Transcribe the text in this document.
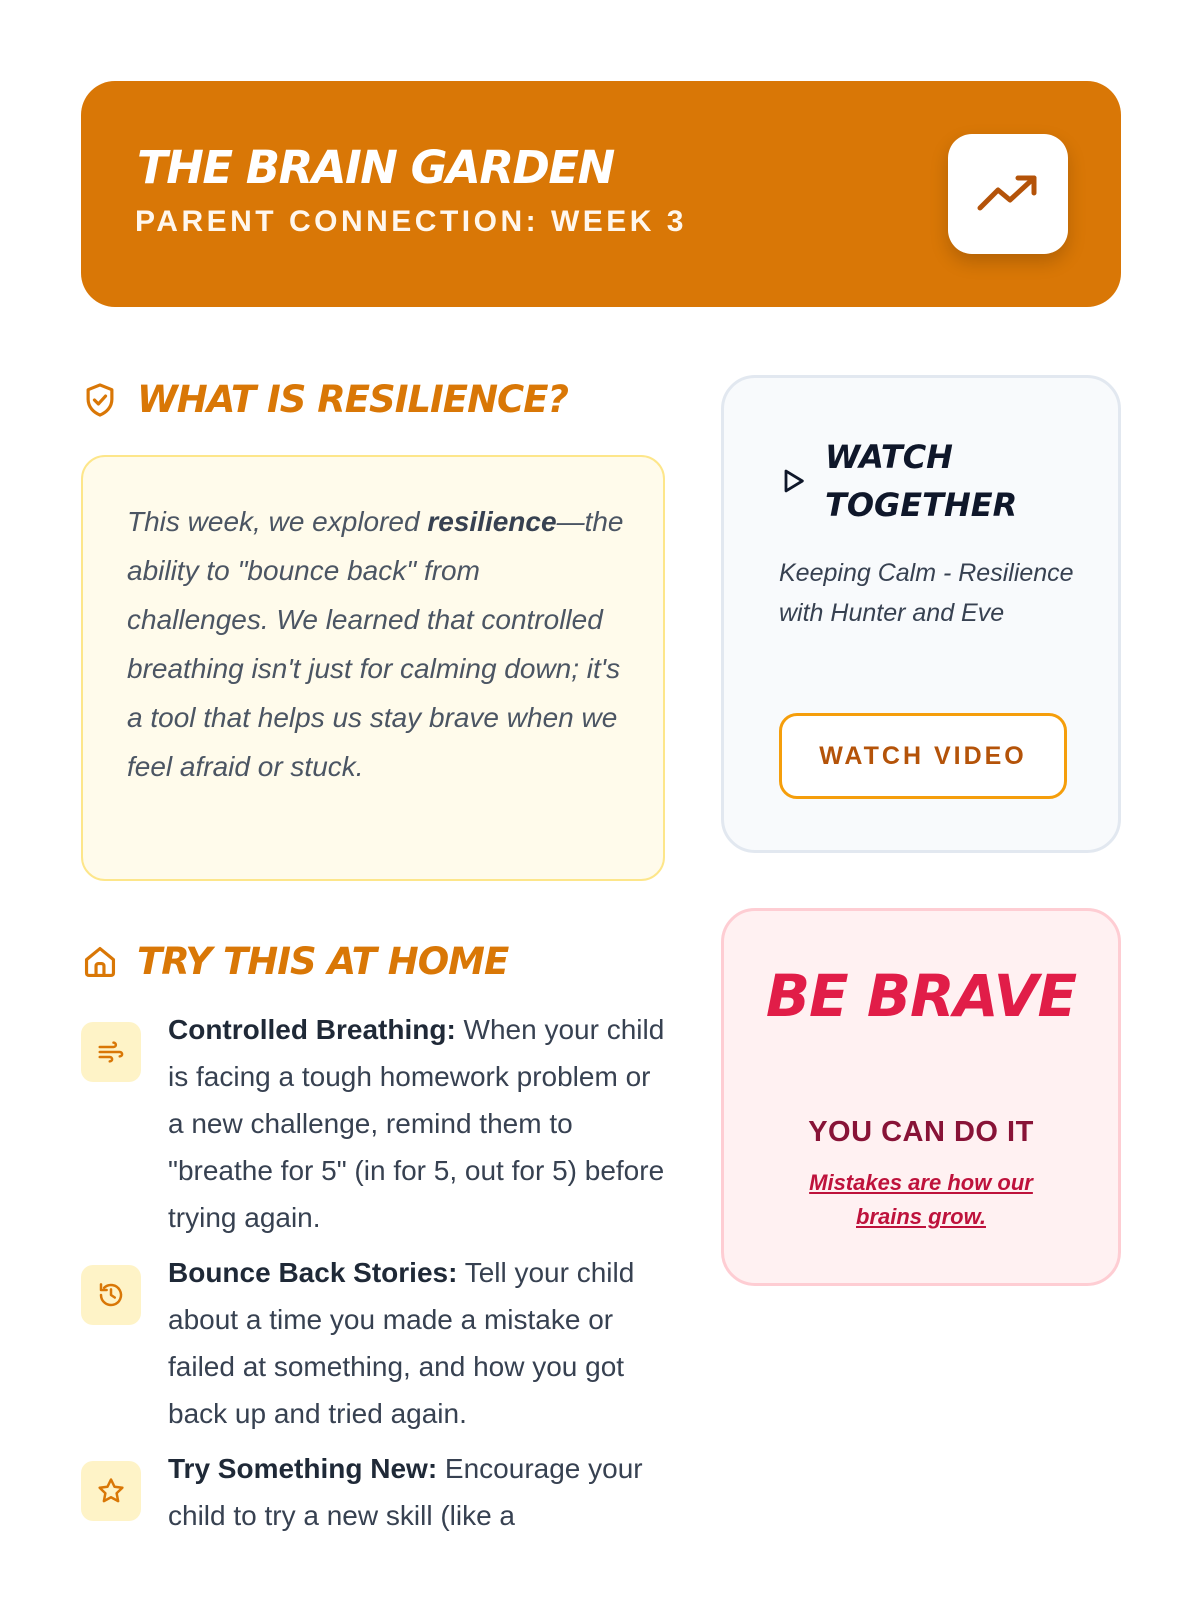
THE BRAIN GARDEN
PARENT CONNECTION: WEEK 3
WHAT IS RESILIENCE?

This week, we explored resilience—the ability to "bounce back" from challenges. We learned that controlled breathing isn't just for calming down; it's a tool that helps us stay brave when we feel afraid or stuck.

TRY THIS AT HOME

Controlled Breathing: When your child is facing a tough homework problem or a new challenge, remind them to "breathe for 5" (in for 5, out for 5) before trying again.

Bounce Back Stories: Tell your child about a time you made a mistake or failed at something, and how you got back up and tried again.

Try Something New: Encourage your child to try a new skill (like a

WATCH TOGETHER

Keeping Calm - Resilience with Hunter and Eve

WATCH VIDEO
BE BRAVE
YOU CAN DO IT
Mistakes are how our brains grow.
